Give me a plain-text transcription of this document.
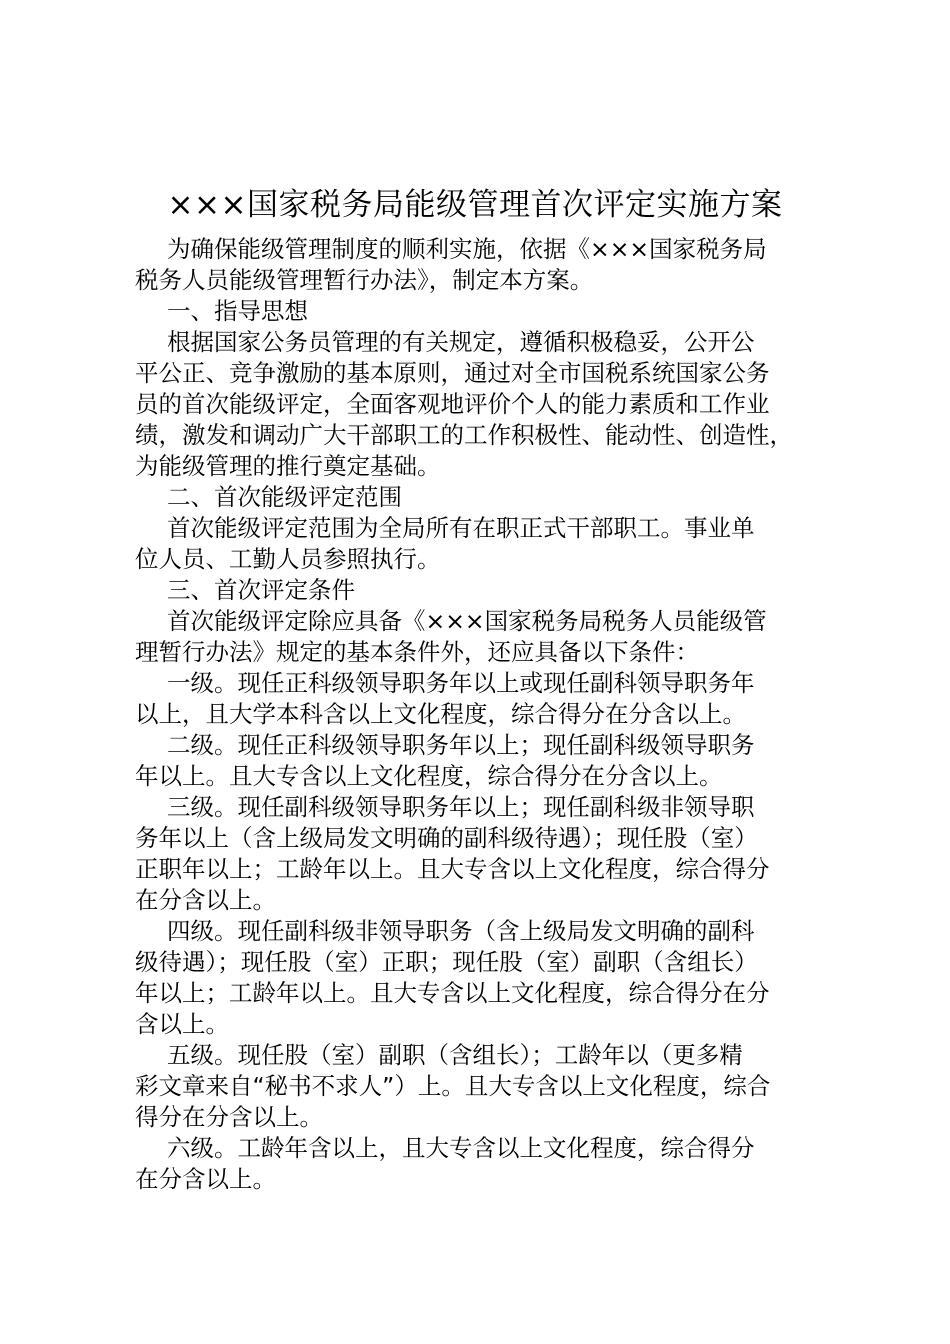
×××国家税务局能级管理首次评定实施方案

为确保能级管理制度的顺利实施，依据《×××国家税务局

税务人员能级管理暂行办法》，制定本方案。

一、指导思想

根据国家公务员管理的有关规定，遵循积极稳妥，公开公

平公正、竞争激励的基本原则，通过对全市国税系统国家公务

员的首次能级评定，全面客观地评价个人的能力素质和工作业

绩，激发和调动广大干部职工的工作积极性、能动性、创造性，

为能级管理的推行奠定基础。

二、首次能级评定范围

首次能级评定范围为全局所有在职正式干部职工。事业单

位人员、工勤人员参照执行。

三、首次评定条件

首次能级评定除应具备《×××国家税务局税务人员能级管

理暂行办法》规定的基本条件外，还应具备以下条件：

一级。现任正科级领导职务年以上或现任副科领导职务年

以上，且大学本科含以上文化程度，综合得分在分含以上。

二级。现任正科级领导职务年以上；现任副科级领导职务

年以上。且大专含以上文化程度，综合得分在分含以上。

三级。现任副科级领导职务年以上；现任副科级非领导职

务年以上（含上级局发文明确的副科级待遇）；现任股（室）

正职年以上；工龄年以上。且大专含以上文化程度，综合得分

在分含以上。

四级。现任副科级非领导职务（含上级局发文明确的副科

级待遇）；现任股（室）正职；现任股（室）副职（含组长）

年以上；工龄年以上。且大专含以上文化程度，综合得分在分

含以上。

五级。现任股（室）副职（含组长）；工龄年以（更多精

彩文章来自“秘书不求人”）上。且大专含以上文化程度，综合

得分在分含以上。

六级。工龄年含以上，且大专含以上文化程度，综合得分

在分含以上。
